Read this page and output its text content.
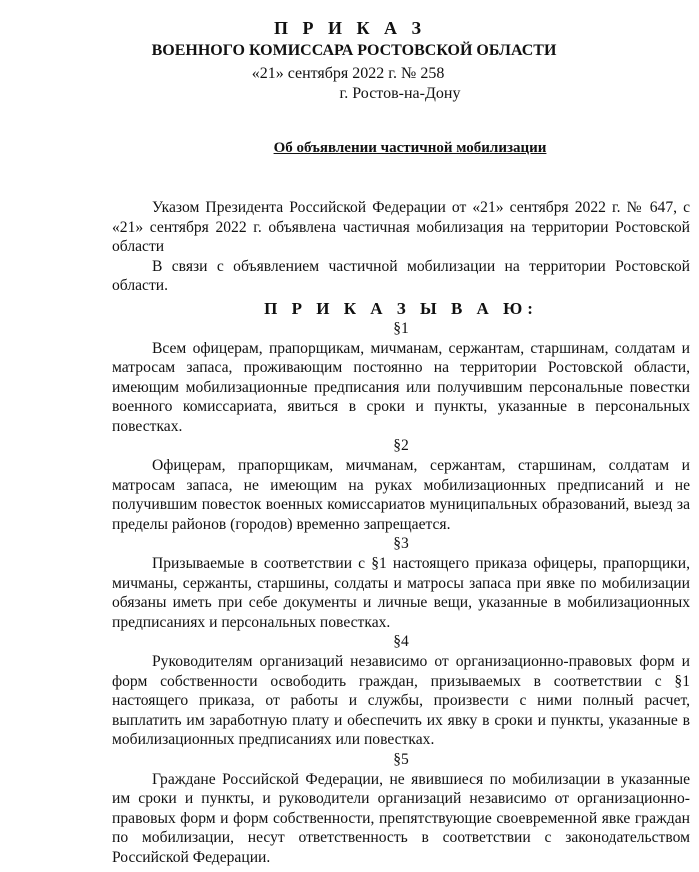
П Р И К А З
ВОЕННОГО КОМИССАРА РОСТОВСКОЙ ОБЛАСТИ
«21» сентября 2022 г. № 258
г. Ростов-на-Дону
Об объявлении частичной мобилизации

Указом Президента Российской Федерации от «21» сентября 2022 г. № 647, с «21» сентября 2022 г. объявлена частичная мобилизация на территории Ростовской области

В связи с объявлением частичной мобилизации на территории Ростовской области.

П Р И К А З Ы В А Ю:

§1

Всем офицерам, прапорщикам, мичманам, сержантам, старшинам, солдатам и матросам запаса, проживающим постоянно на территории Ростовской области, имеющим мобилизационные предписания или получившим персональные повестки военного комиссариата, явиться в сроки и пункты, указанные в персональных повестках.

§2

Офицерам, прапорщикам, мичманам, сержантам, старшинам, солдатам и матросам запаса, не имеющим на руках мобилизационных предписаний и не получившим повесток военных комиссариатов муниципальных образований, выезд за пределы районов (городов) временно запрещается.

§3

Призываемые в соответствии с §1 настоящего приказа офицеры, прапорщики, мичманы, сержанты, старшины, солдаты и матросы запаса при явке по мобилизации обязаны иметь при себе документы и личные вещи, указанные в мобилизационных предписаниях и персональных повестках.

§4

Руководителям организаций независимо от организационно-правовых форм и форм собственности освободить граждан, призываемых в соответствии с §1 настоящего приказа, от работы и службы, произвести с ними полный расчет, выплатить им заработную плату и обеспечить их явку в сроки и пункты, указанные в мобилизационных предписаниях или повестках.

§5

Граждане Российской Федерации, не явившиеся по мобилизации в указанные им сроки и пункты, и руководители организаций независимо от организационно-правовых форм и форм собственности, препятствующие своевременной явке граждан по мобилизации, несут ответственность в соответствии с законодательством Российской Федерации.
